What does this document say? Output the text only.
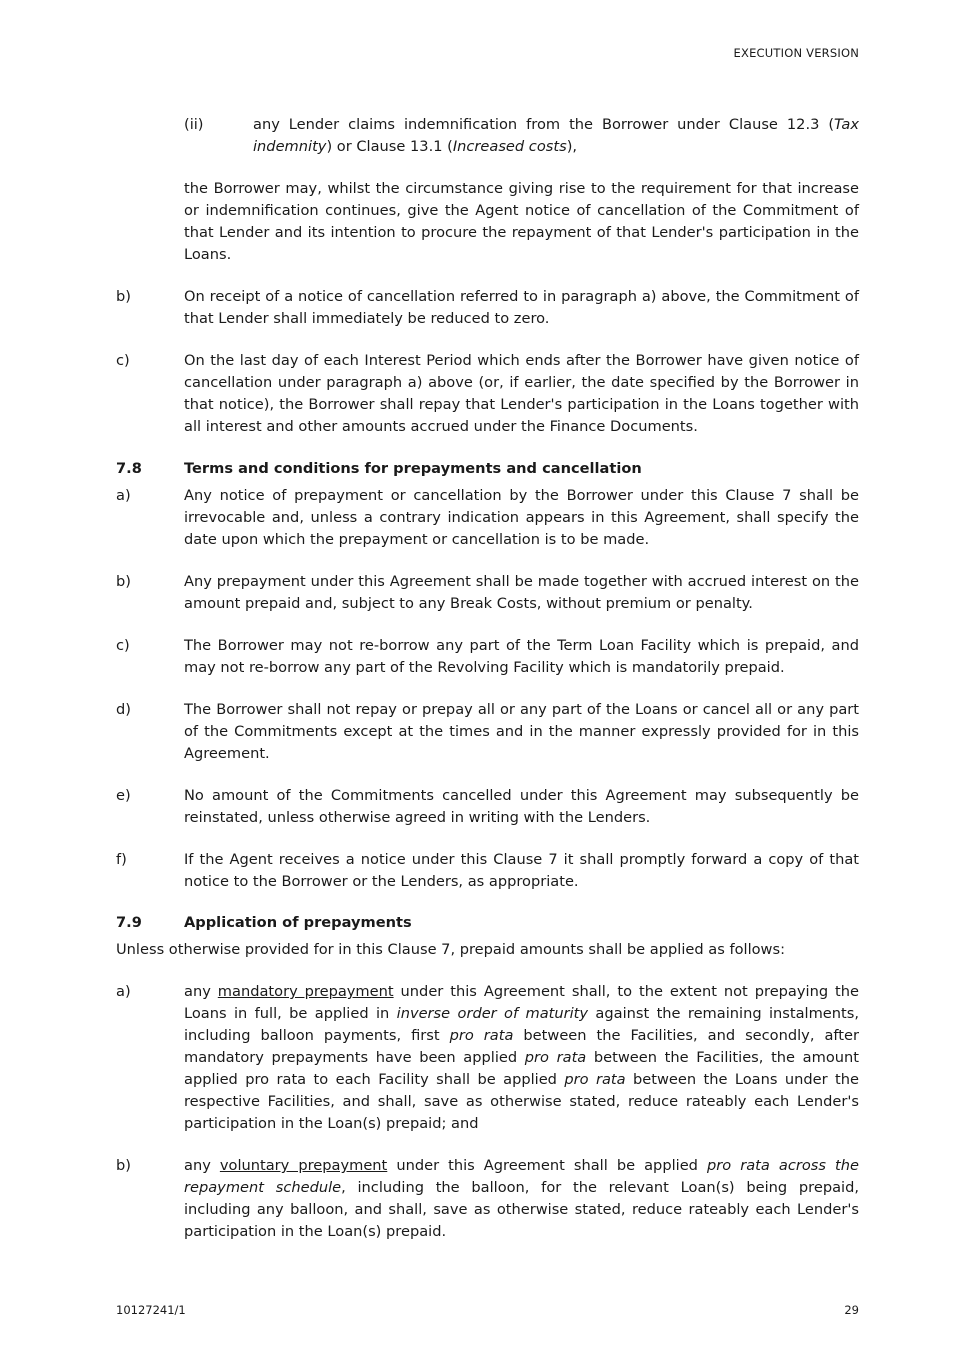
EXECUTION VERSION
(ii)	any Lender claims indemnification from the Borrower under Clause 12.3 (Tax indemnity) or Clause 13.1 (Increased costs),
the Borrower may, whilst the circumstance giving rise to the requirement for that increase or indemnification continues, give the Agent notice of cancellation of the Commitment of that Lender and its intention to procure the repayment of that Lender's participation in the Loans.
b)	On receipt of a notice of cancellation referred to in paragraph a) above, the Commitment of that Lender shall immediately be reduced to zero.
c)	On the last day of each Interest Period which ends after the Borrower have given notice of cancellation under paragraph a) above (or, if earlier, the date specified by the Borrower in that notice), the Borrower shall repay that Lender's participation in the Loans together with all interest and other amounts accrued under the Finance Documents.
7.8	Terms and conditions for prepayments and cancellation
a)	Any notice of prepayment or cancellation by the Borrower under this Clause 7 shall be irrevocable and, unless a contrary indication appears in this Agreement, shall specify the date upon which the prepayment or cancellation is to be made.
b)	Any prepayment under this Agreement shall be made together with accrued interest on the amount prepaid and, subject to any Break Costs, without premium or penalty.
c)	The Borrower may not re-borrow any part of the Term Loan Facility which is prepaid, and may not re-borrow any part of the Revolving Facility which is mandatorily prepaid.
d)	The Borrower shall not repay or prepay all or any part of the Loans or cancel all or any part of the Commitments except at the times and in the manner expressly provided for in this Agreement.
e)	No amount of the Commitments cancelled under this Agreement may subsequently be reinstated, unless otherwise agreed in writing with the Lenders.
f)	If the Agent receives a notice under this Clause 7 it shall promptly forward a copy of that notice to the Borrower or the Lenders, as appropriate.
7.9	Application of prepayments
Unless otherwise provided for in this Clause 7, prepaid amounts shall be applied as follows:
a)	any mandatory prepayment under this Agreement shall, to the extent not prepaying the Loans in full, be applied in inverse order of maturity against the remaining instalments, including balloon payments, first pro rata between the Facilities, and secondly, after mandatory prepayments have been applied pro rata between the Facilities, the amount applied pro rata to each Facility shall be applied pro rata between the Loans under the respective Facilities, and shall, save as otherwise stated, reduce rateably each Lender's participation in the Loan(s) prepaid; and
b)	any voluntary prepayment under this Agreement shall be applied pro rata across the repayment schedule, including the balloon, for the relevant Loan(s) being prepaid, including any balloon, and shall, save as otherwise stated, reduce rateably each Lender's participation in the Loan(s) prepaid.
10127241/1	29
